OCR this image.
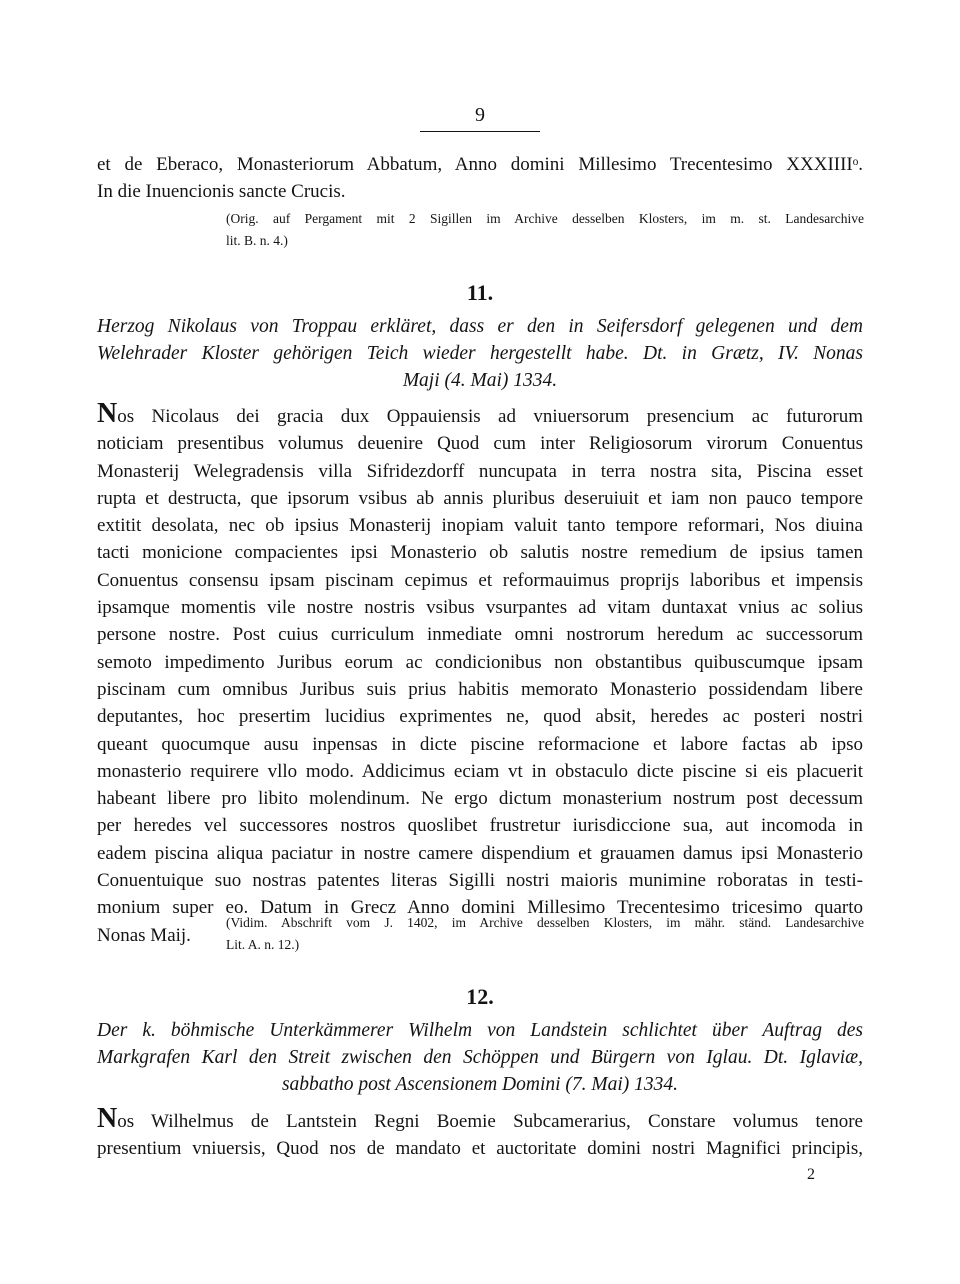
9
et de Eberaco, Monasteriorum Abbatum, Anno domini Millesimo Trecentesimo XXXIIIIᵒ.
In die Inuencionis sancte Crucis.
(Orig. auf Pergament mit 2 Sigillen im Archive desselben Klosters, im m. st. Landesarchive
lit. B. n. 4.)
11.
Herzog Nikolaus von Troppau erkläret, dass er den in Seifersdorf gelegenen und dem
Welehrader Kloster gehörigen Teich wieder hergestellt habe. Dt. in Grætz, IV. Nonas
Maji (4. Mai) 1334.
Nos Nicolaus dei gracia dux Oppauiensis ad vniuersorum presencium ac futurorum
noticiam presentibus volumus deuenire Quod cum inter Religiosorum virorum Conuentus
Monasterij Welegradensis villa Sifridezdorff nuncupata in terra nostra sita, Piscina esset
rupta et destructa, que ipsorum vsibus ab annis pluribus deseruiuit et iam non pauco tempore
extitit desolata, nec ob ipsius Monasterij inopiam valuit tanto tempore reformari, Nos diuina
tacti monicione compacientes ipsi Monasterio ob salutis nostre remedium de ipsius tamen
Conuentus consensu ipsam piscinam cepimus et reformauimus proprijs laboribus et impensis
ipsamque momentis vile nostre nostris vsibus vsurpantes ad vitam duntaxat vnius ac solius
persone nostre. Post cuius curriculum inmediate omni nostrorum heredum ac successorum
semoto impedimento Juribus eorum ac condicionibus non obstantibus quibuscumque ipsam
piscinam cum omnibus Juribus suis prius habitis memorato Monasterio possidendam libere
deputantes, hoc presertim lucidius exprimentes ne, quod absit, heredes ac posteri nostri
queant quocumque ausu inpensas in dicte piscine reformacione et labore factas ab ipso
monasterio requirere vllo modo. Addicimus eciam vt in obstaculo dicte piscine si eis placuerit
habeant libere pro libito molendinum. Ne ergo dictum monasterium nostrum post decessum
per heredes vel successores nostros quoslibet frustretur iurisdiccione sua, aut incomoda in
eadem piscina aliqua paciatur in nostre camere dispendium et grauamen damus ipsi Monasterio
Conuentuique suo nostras patentes literas Sigilli nostri maioris munimine roboratas in testi-
monium super eo. Datum in Grecz Anno domini Millesimo Trecentesimo tricesimo quarto
Nonas Maij.
(Vidim. Abschrift vom J. 1402, im Archive desselben Klosters, im mähr. ständ. Landesarchive
Lit. A. n. 12.)
12.
Der k. böhmische Unterkämmerer Wilhelm von Landstein schlichtet über Auftrag des
Markgrafen Karl den Streit zwischen den Schöppen und Bürgern von Iglau. Dt. Iglaviæ,
sabbatho post Ascensionem Domini (7. Mai) 1334.
Nos Wilhelmus de Lantstein Regni Boemie Subcamerarius, Constare volumus tenore
presentium vniuersis, Quod nos de mandato et auctoritate domini nostri Magnifici principis,
2
